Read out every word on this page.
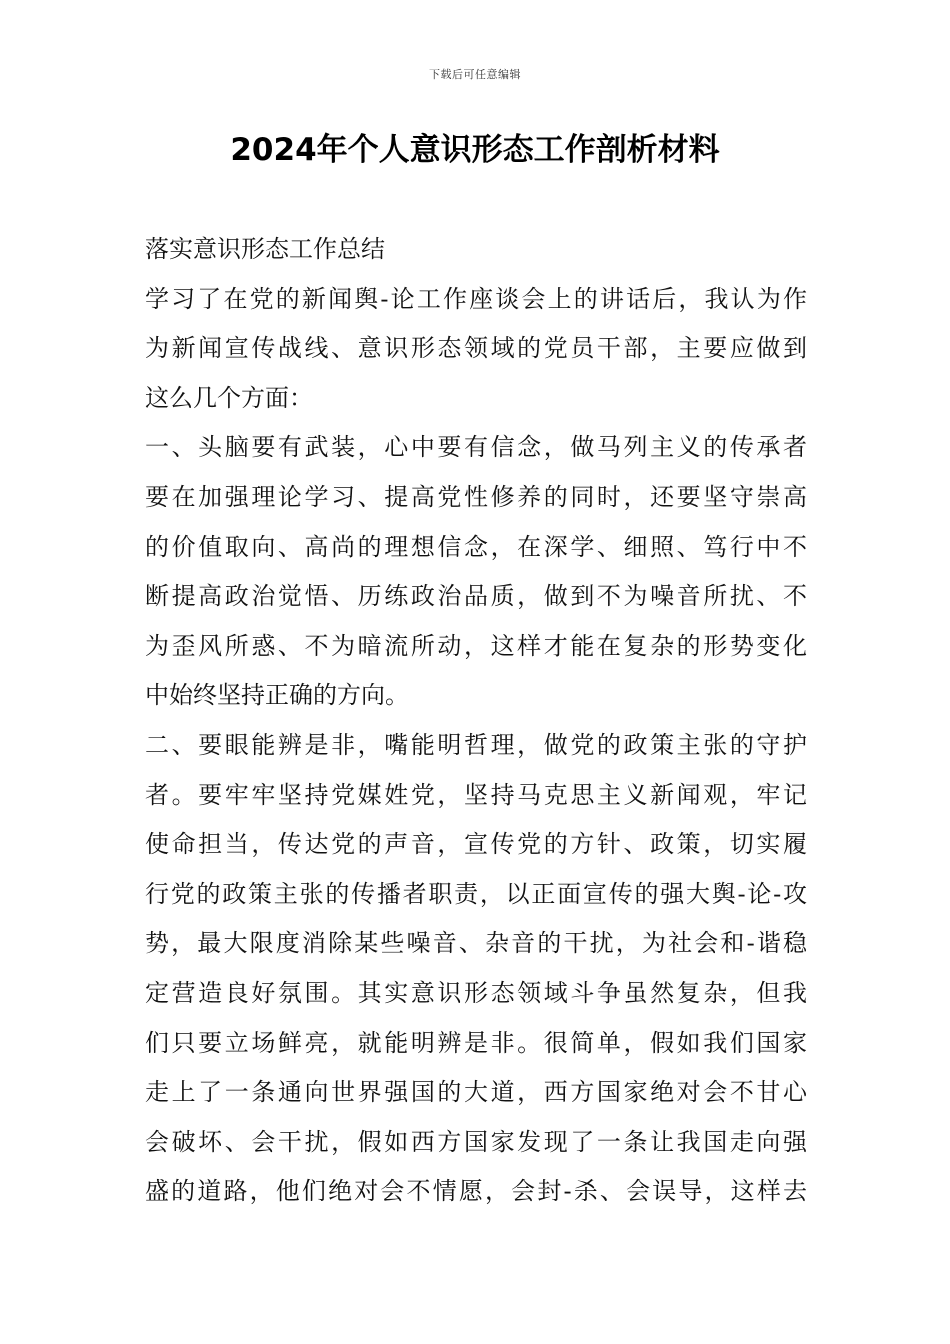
下载后可任意编辑
2024年个人意识形态工作剖析材料
落实意识形态工作总结
学习了在党的新闻舆-论工作座谈会上的讲话后，我认为作
为新闻宣传战线、意识形态领域的党员干部，主要应做到
这么几个方面：
一、头脑要有武装，心中要有信念，做马列主义的传承者
要在加强理论学习、提高党性修养的同时，还要坚守崇高
的价值取向、高尚的理想信念，在深学、细照、笃行中不
断提高政治觉悟、历练政治品质，做到不为噪音所扰、不
为歪风所惑、不为暗流所动，这样才能在复杂的形势变化
中始终坚持正确的方向。
二、要眼能辨是非，嘴能明哲理，做党的政策主张的守护
者。要牢牢坚持党媒姓党，坚持马克思主义新闻观，牢记
使命担当，传达党的声音，宣传党的方针、政策，切实履
行党的政策主张的传播者职责，以正面宣传的强大舆-论-攻
势，最大限度消除某些噪音、杂音的干扰，为社会和-谐稳
定营造良好氛围。其实意识形态领域斗争虽然复杂，但我
们只要立场鲜亮，就能明辨是非。很简单，假如我们国家
走上了一条通向世界强国的大道，西方国家绝对会不甘心
会破坏、会干扰，假如西方国家发现了一条让我国走向强
盛的道路，他们绝对会不情愿，会封-杀、会误导，这样去
